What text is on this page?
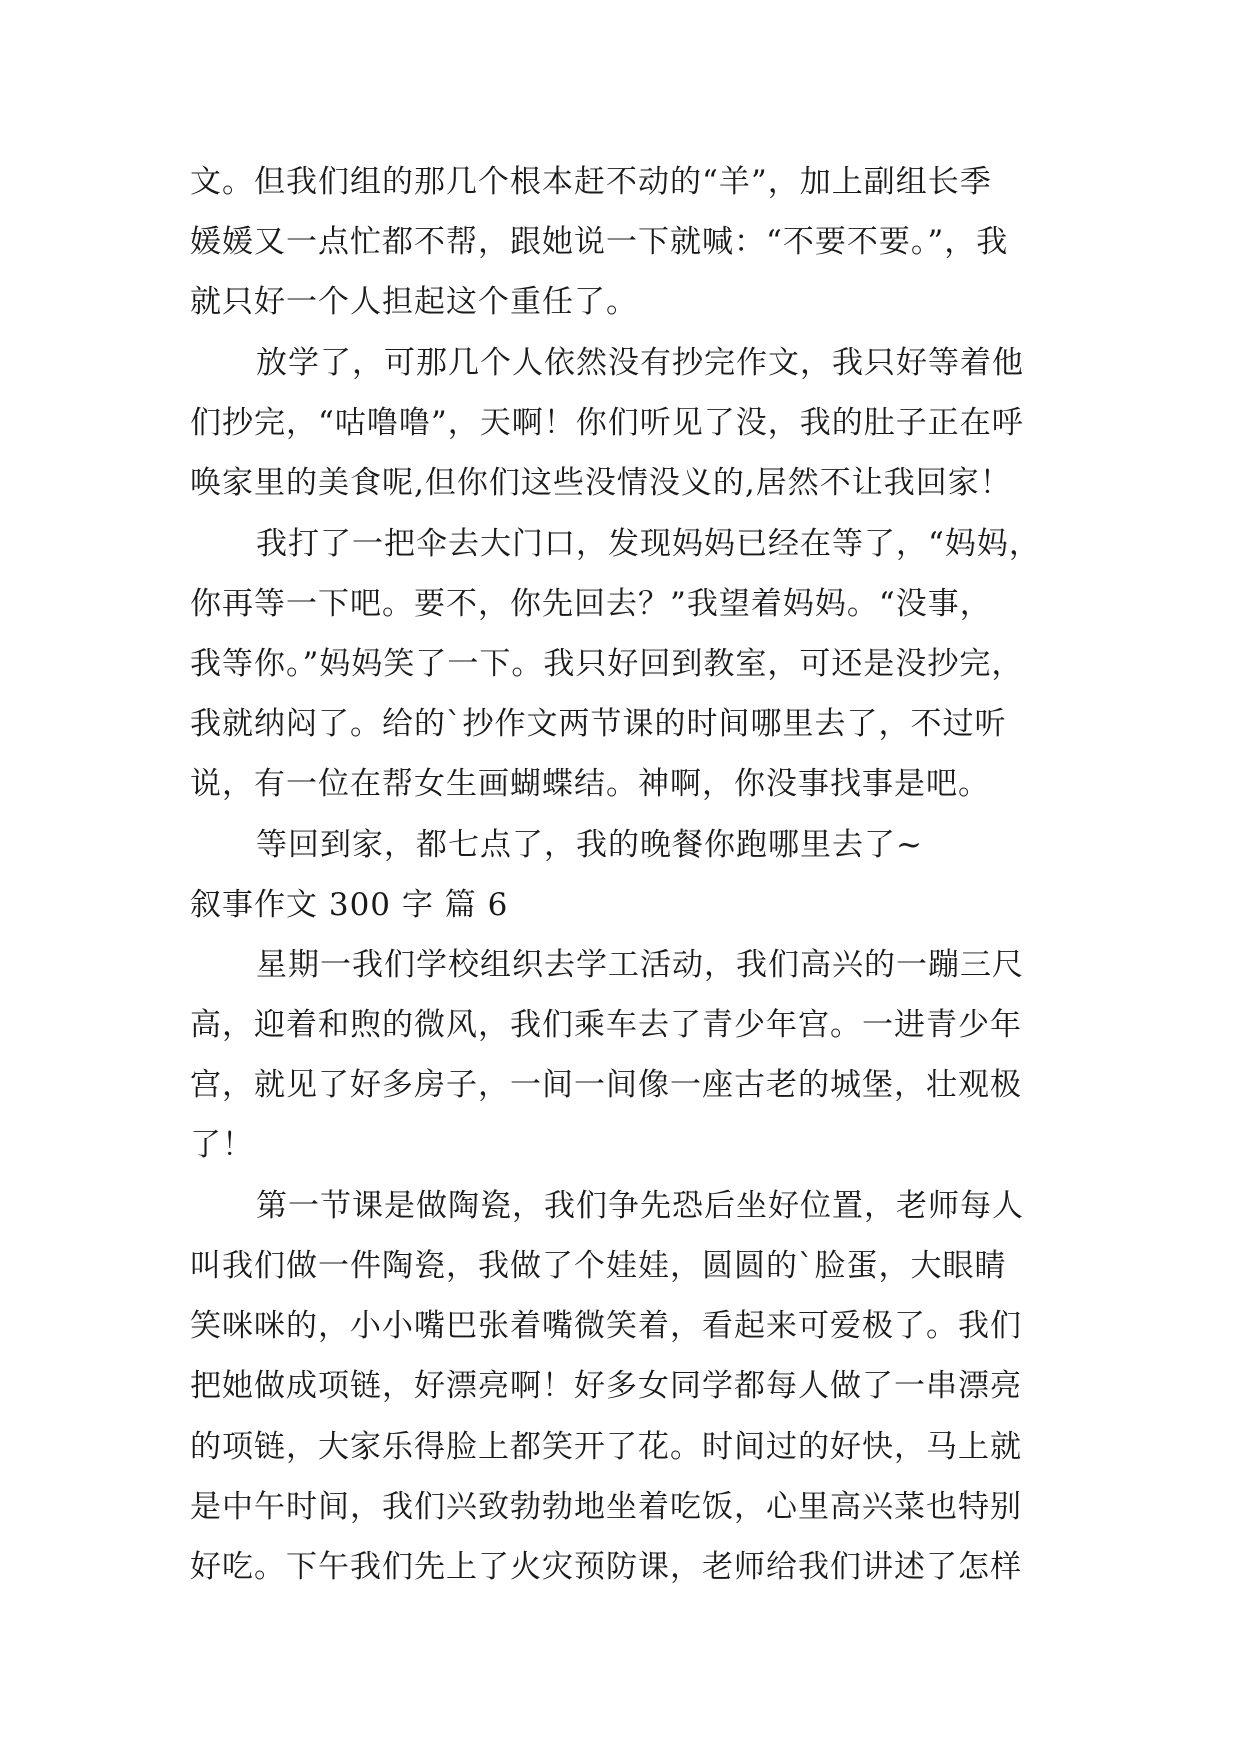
文。但我们组的那几个根本赶不动的“羊”，加上副组长季
媛媛又一点忙都不帮，跟她说一下就喊：“不要不要。”，我
就只好一个人担起这个重任了。
放学了，可那几个人依然没有抄完作文，我只好等着他
们抄完，“咕噜噜”，天啊！你们听见了没，我的肚子正在呼
唤家里的美食呢,但你们这些没情没义的,居然不让我回家！
我打了一把伞去大门口，发现妈妈已经在等了，“妈妈，
你再等一下吧。要不，你先回去？”我望着妈妈。“没事，
我等你。”妈妈笑了一下。我只好回到教室，可还是没抄完，
我就纳闷了。给的`抄作文两节课的时间哪里去了，不过听
说，有一位在帮女生画蝴蝶结。神啊，你没事找事是吧。
等回到家，都七点了，我的晚餐你跑哪里去了~
叙事作文 300 字 篇 6
星期一我们学校组织去学工活动，我们高兴的一蹦三尺
高，迎着和煦的微风，我们乘车去了青少年宫。一进青少年
宫，就见了好多房子，一间一间像一座古老的城堡，壮观极
了！
第一节课是做陶瓷，我们争先恐后坐好位置，老师每人
叫我们做一件陶瓷，我做了个娃娃，圆圆的`脸蛋，大眼睛
笑咪咪的，小小嘴巴张着嘴微笑着，看起来可爱极了。我们
把她做成项链，好漂亮啊！好多女同学都每人做了一串漂亮
的项链，大家乐得脸上都笑开了花。时间过的好快，马上就
是中午时间，我们兴致勃勃地坐着吃饭，心里高兴菜也特别
好吃。下午我们先上了火灾预防课，老师给我们讲述了怎样
